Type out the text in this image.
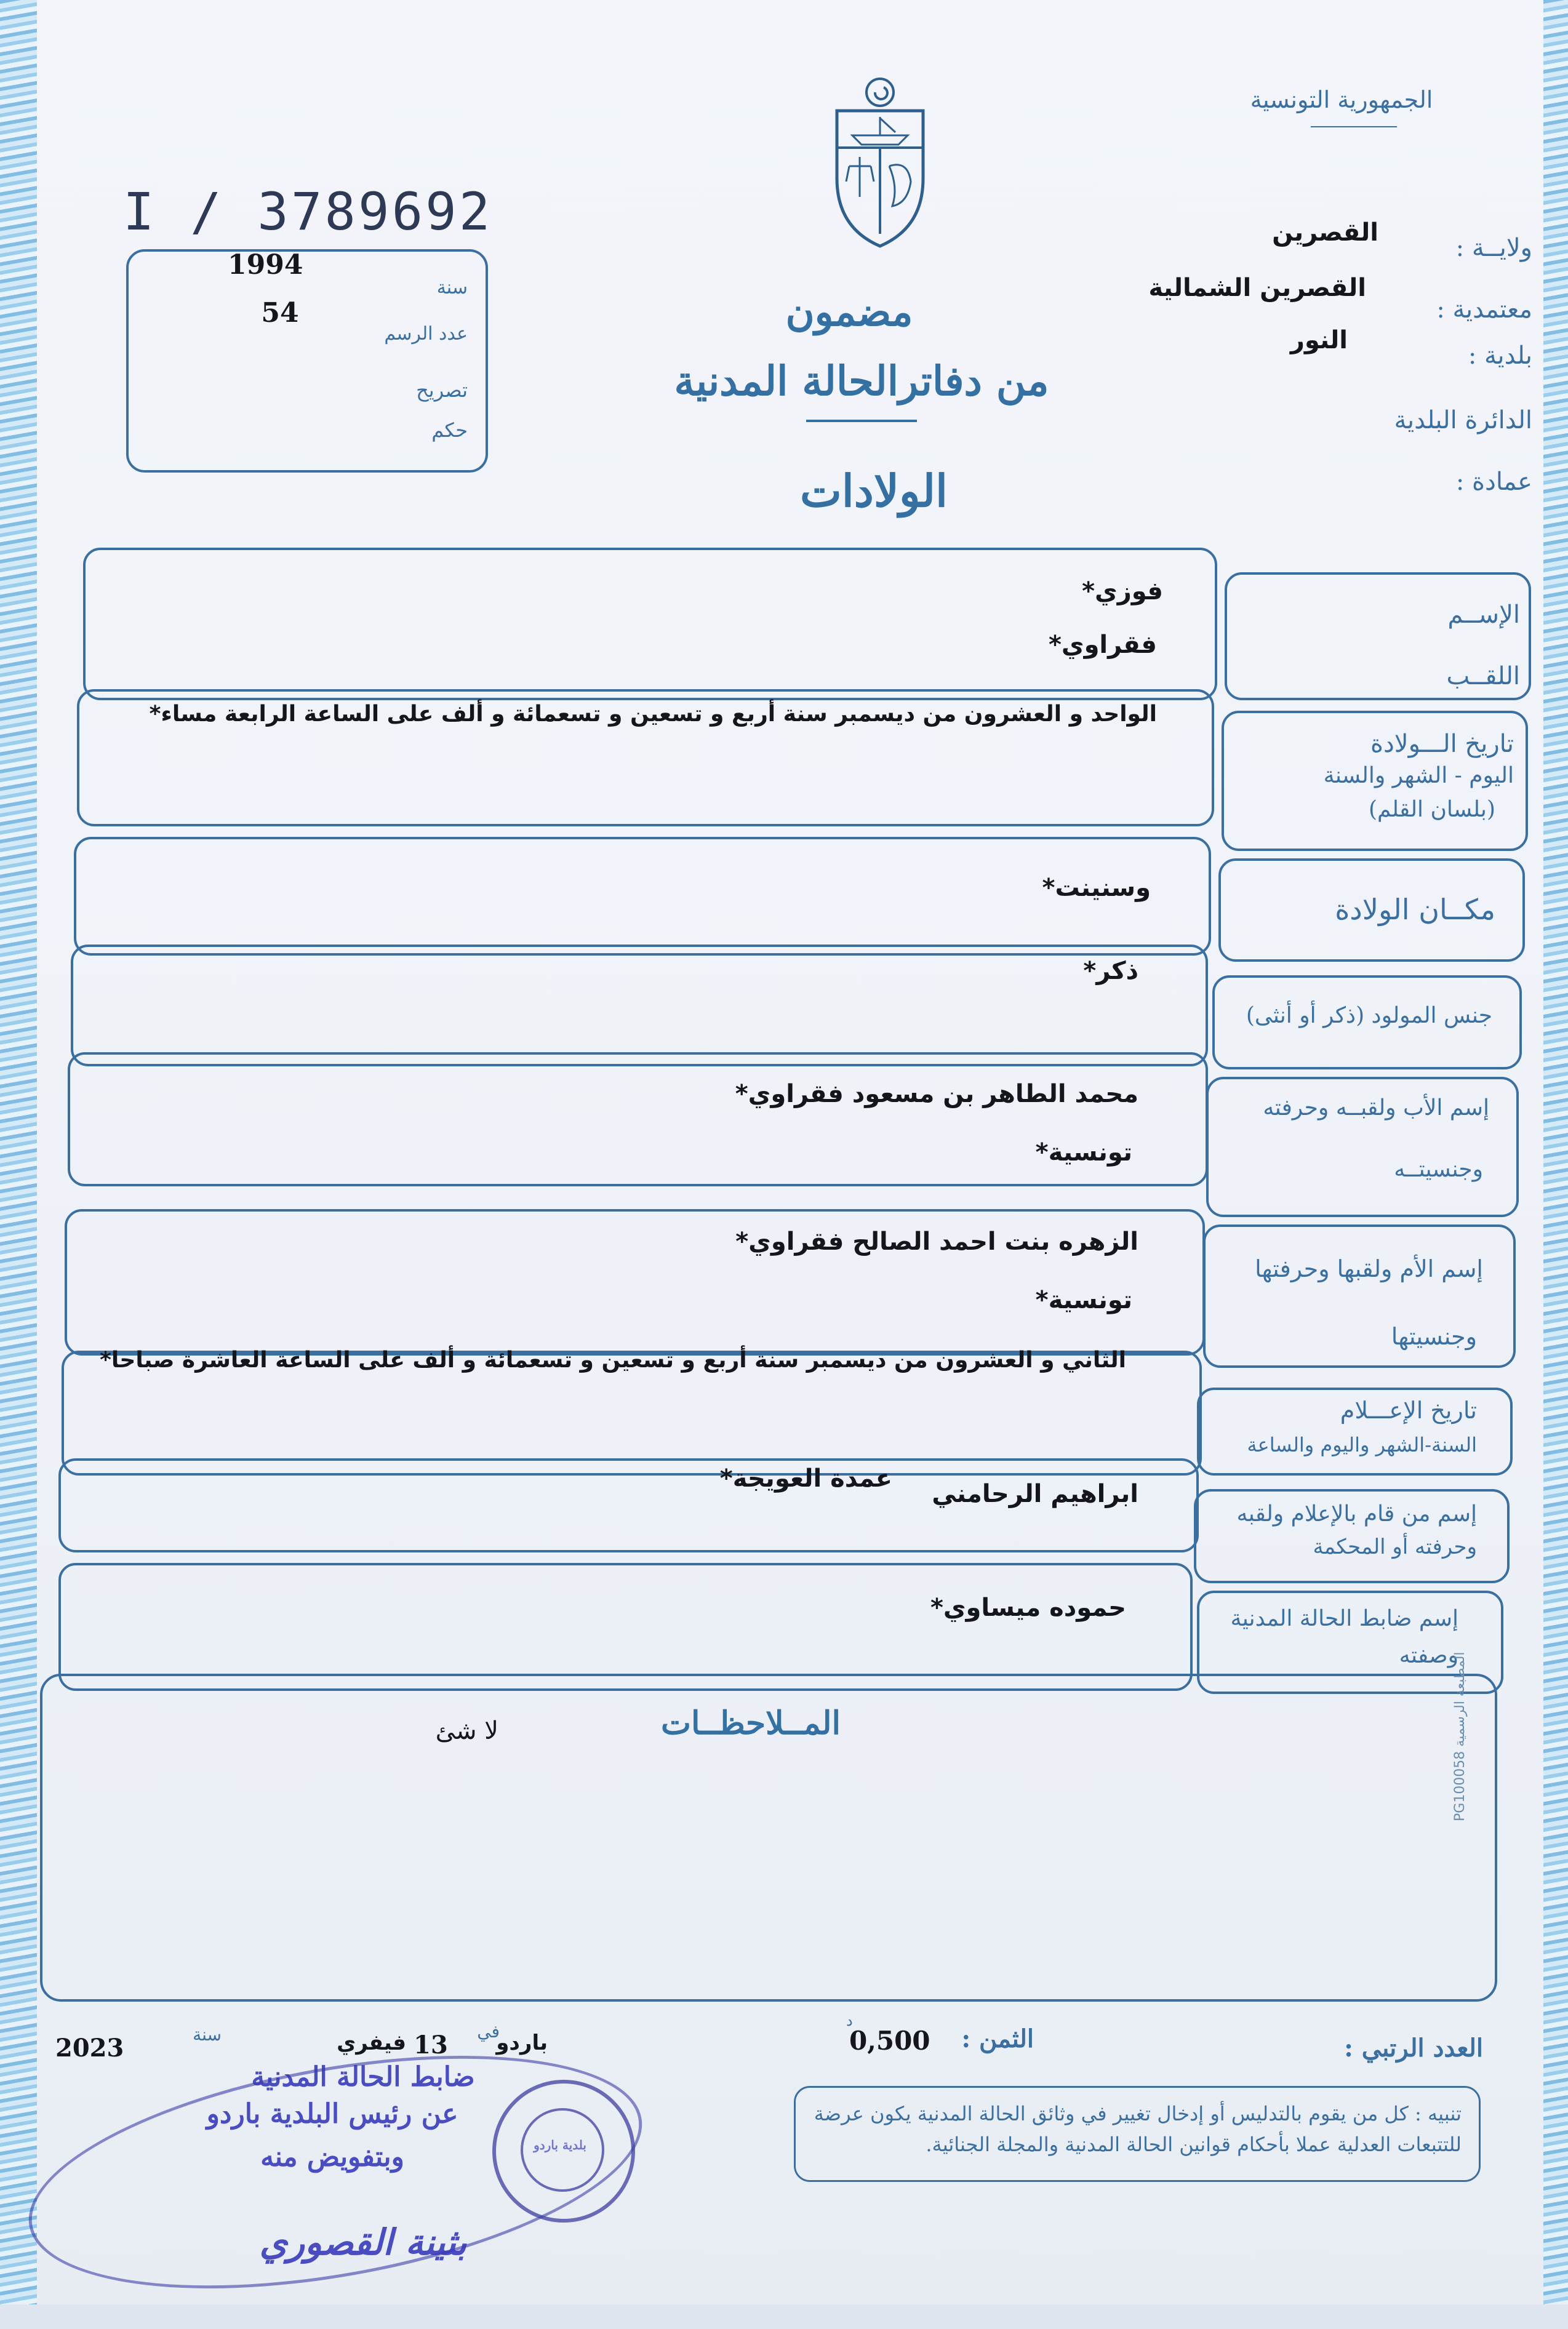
الجمهورية التونسية
I / 3789692
1994
سنة
54
عدد الرسم
تصريح
حكم
ولايــة :
القصرين
معتمدية :
القصرين الشمالية
بلدية :
النور
الدائرة البلدية
عمادة :
مضمون
من دفاترالحالة المدنية
الولادات
الإســم
اللقــب
فوزي*
فقراوي*
تاريخ الـــولادة
اليوم - الشهر والسنة
(بلسان القلم)
الواحد و العشرون من ديسمبر سنة أربع و تسعين و تسعمائة و ألف على الساعة الرابعة مساء*
مكــان الولادة
وسنينت*
جنس المولود (ذكر أو أنثى)
ذكر*
إسم الأب ولقبــه وحرفته
وجنسيتــه
محمد الطاهر بن مسعود فقراوي*
تونسية*
إسم الأم ولقبها وحرفتها
وجنسيتها
الزهره بنت احمد الصالح فقراوي*
تونسية*
تاريخ الإعـــلام
السنة-الشهر واليوم والساعة
الثاني و العشرون من ديسمبر سنة أربع و تسعين و تسعمائة و ألف على الساعة العاشرة صباحا*
إسم من قام بالإعلام ولقبه
وحرفته أو المحكمة
ابراهيم الرحامني
عمدة العويجة*
إسم ضابط الحالة المدنية
وصفته
حموده ميساوي*
المــلاحظــات
لا شئ
المطبعة الرسمية PG100058
العدد الرتبي :
الثمن :
0,500
د
باردو
في
13
فيفري
سنة
2023

تنبيه : كل من يقوم بالتدليس أو إدخال تغيير في وثائق الحالة المدنية يكون عرضة للتتبعات العدلية عملا بأحكام قوانين الحالة المدنية والمجلة الجنائية.

ضابط الحالة المدنية
عن رئيس البلدية باردو
وبتفويض منه
بثينة القصوري
بلدية باردو
